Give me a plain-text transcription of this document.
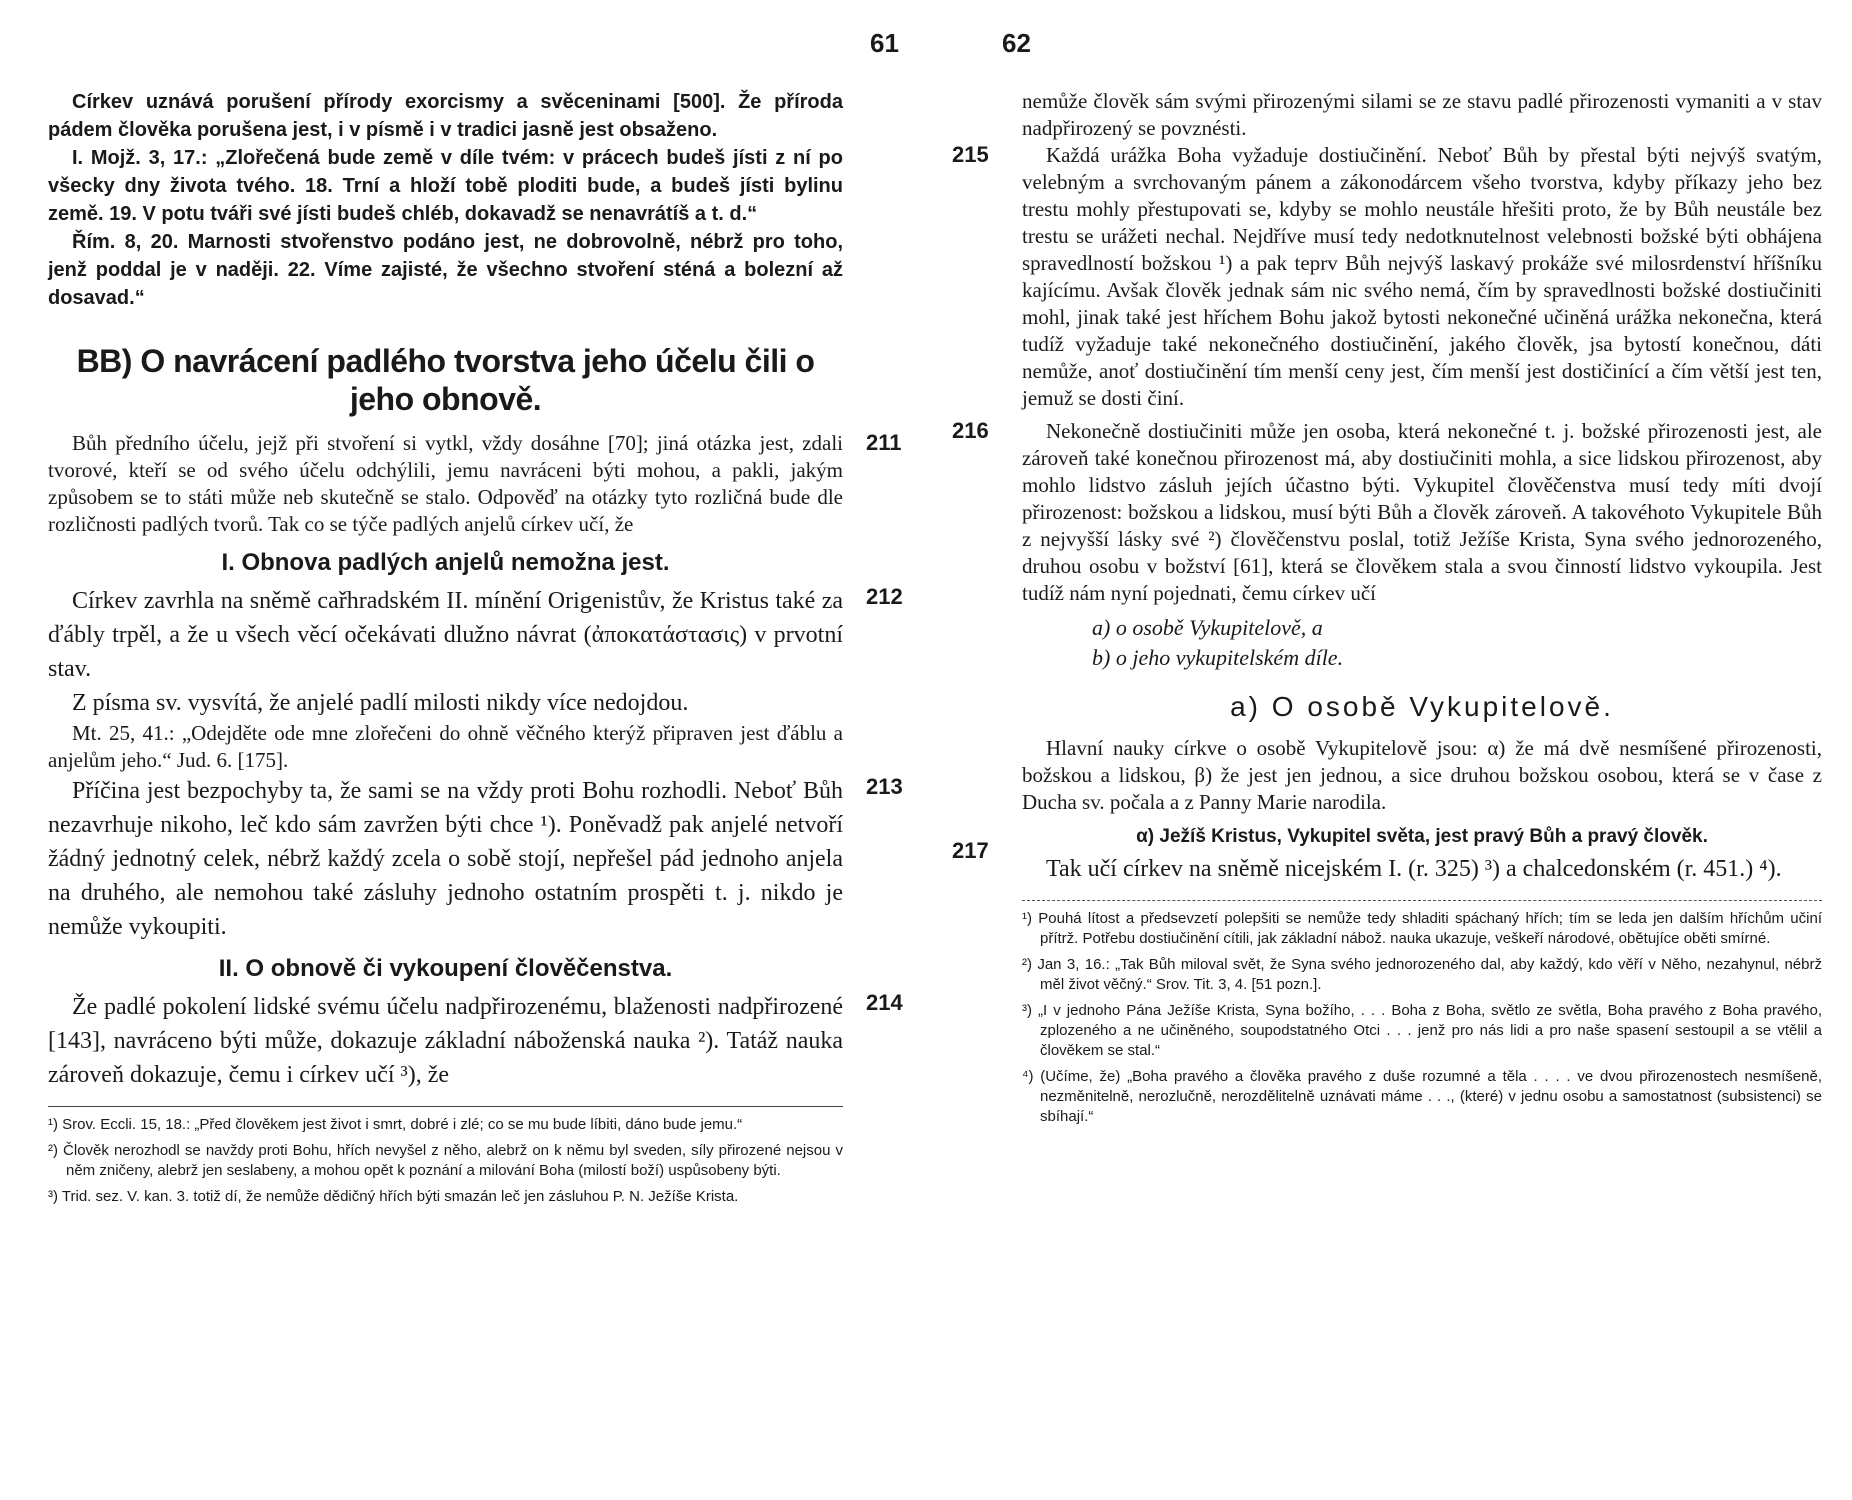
61

Církev uznává porušení přírody exorcismy a svěceninami [500]. Že příroda pádem člověka porušena jest, i v písmě i v tradici jasně jest obsaženo.

I. Mojž. 3, 17.: „Zlořečená bude země v díle tvém: v prácech budeš jísti z ní po všecky dny života tvého. 18. Trní a hloží tobě ploditi bude, a budeš jísti bylinu země. 19. V potu tváři své jísti budeš chléb, dokavadž se nenavrátíš a t. d.“

Řím. 8, 20. Marnosti stvořenstvo podáno jest, ne dobrovolně, nébrž pro toho, jenž poddal je v naději. 22. Víme zajisté, že všechno stvoření sténá a bolezní až dosavad.“

BB) O navrácení padlého tvorstva jeho účelu čili o jeho obnově.
211

Bůh předního účelu, jejž při stvoření si vytkl, vždy dosáhne [70]; jiná otázka jest, zdali tvorové, kteří se od svého účelu odchýlili, jemu navráceni býti mohou, a pakli, jakým způsobem se to státi může neb skutečně se stalo. Odpověď na otázky tyto rozličná bude dle rozličnosti padlých tvorů. Tak co se týče padlých anjelů církev učí, že

I. Obnova padlých anjelů nemožna jest.
212

Církev zavrhla na sněmě cařhradském II. mínění Origenistův, že Kristus také za ďábly trpěl, a že u všech věcí očekávati dlužno návrat (ἀποκατάστασις) v prvotní stav.

Z písma sv. vysvítá, že anjelé padlí milosti nikdy více nedojdou.

Mt. 25, 41.: „Odejděte ode mne zlořečeni do ohně věčného kterýž připraven jest ďáblu a anjelům jeho.“ Jud. 6. [175].

213

Příčina jest bezpochyby ta, že sami se na vždy proti Bohu rozhodli. Neboť Bůh nezavrhuje nikoho, leč kdo sám zavržen býti chce ¹). Poněvadž pak anjelé netvoří žádný jednotný celek, nébrž každý zcela o sobě stojí, nepřešel pád jednoho anjela na druhého, ale nemohou také zásluhy jednoho ostatním prospěti t. j. nikdo je nemůže vykoupiti.

II. O obnově či vykoupení člověčenstva.
214

Že padlé pokolení lidské svému účelu nadpřirozenému, blaženosti nadpřirozené [143], navráceno býti může, dokazuje základní náboženská nauka ²). Tatáž nauka zároveň dokazuje, čemu i církev učí ³), že

¹) Srov. Eccli. 15, 18.: „Před člověkem jest život i smrt, dobré i zlé; co se mu bude líbiti, dáno bude jemu.“

²) Člověk nerozhodl se navždy proti Bohu, hřích nevyšel z něho, alebrž on k němu byl sveden, síly přirozené nejsou v něm zničeny, alebrž jen seslabeny, a mohou opět k poznání a milování Boha (milostí boží) uspůsobeny býti.

³) Trid. sez. V. kan. 3. totiž dí, že nemůže dědičný hřích býti smazán leč jen zásluhou P. N. Ježíše Krista.

62

nemůže člověk sám svými přirozenými silami se ze stavu padlé přirozenosti vymaniti a v stav nadpřirozený se povznésti.

215	Každá urážka Boha vyžaduje dostiučinění. Neboť Bůh by přestal býti nejvýš svatým, velebným a svrchovaným pánem a zákonodárcem všeho tvorstva, kdyby příkazy jeho bez trestu mohly přestupovati se, kdyby se mohlo neustále hřešiti proto, že by Bůh neustále bez trestu se urážeti nechal. Nejdříve musí tedy nedotknutelnost velebnosti božské býti obhájena spravedlností božskou ¹) a pak teprv Bůh nejvýš laskavý prokáže své milosrdenství hříšníku kajícímu. Avšak člověk jednak sám nic svého nemá, čím by spravedlnosti božské dostiučiniti mohl, jinak také jest hříchem Bohu jakož bytosti nekonečné učiněná urážka nekonečna, která tudíž vyžaduje také nekonečného dostiučinění, jakého člověk, jsa bytostí konečnou, dáti nemůže, anoť dostiučinění tím menší ceny jest, čím menší jest dostičinící a čím větší jest ten, jemuž se dosti činí.

216	Nekonečně dostiučiniti může jen osoba, která nekonečné t. j. božské přirozenosti jest, ale zároveň také konečnou přirozenost má, aby dostiučiniti mohla, a sice lidskou přirozenost, aby mohlo lidstvo zásluh jejích účastno býti. Vykupitel člověčenstva musí tedy míti dvojí přirozenost: božskou a lidskou, musí býti Bůh a člověk zároveň. A takovéhoto Vykupitele Bůh z nejvyšší lásky své ²) člověčenstvu poslal, totiž Ježíše Krista, Syna svého jednorozeného, druhou osobu v božství [61], která se člověkem stala a svou činností lidstvo vykoupila. Jest tudíž nám nyní pojednati, čemu církev učí

a) o osobě Vykupitelově, a
b) o jeho vykupitelském díle.
a) O osobě Vykupitelově.

Hlavní nauky církve o osobě Vykupitelově jsou: α) že má dvě nesmíšené přirozenosti, božskou a lidskou, β) že jest jen jednou, a sice druhou božskou osobou, která se v čase z Ducha sv. počala a z Panny Marie narodila.

217
α) Ježíš Kristus, Vykupitel světa, jest pravý Bůh a pravý člověk.

Tak učí církev na sněmě nicejském I. (r. 325) ³) a chalcedonském (r. 451.) ⁴).

¹) Pouhá lítost a předsevzetí polepšiti se nemůže tedy shladiti spáchaný hřích; tím se leda jen dalším hříchům učiní přítrž. Potřebu dostiučinění cítili, jak základní nábož. nauka ukazuje, veškeří národové, obětujíce oběti smírné.

²) Jan 3, 16.: „Tak Bůh miloval svět, že Syna svého jednorozeného dal, aby každý, kdo věří v Něho, nezahynul, nébrž měl život věčný.“ Srov. Tit. 3, 4. [51 pozn.].

³) „I v jednoho Pána Ježíše Krista, Syna božího, . . . Boha z Boha, světlo ze světla, Boha pravého z Boha pravého, zplozeného a ne učiněného, soupodstatného Otci . . . jenž pro nás lidi a pro naše spasení sestoupil a se vtělil a člověkem se stal.“

⁴) (Učíme, že) „Boha pravého a člověka pravého z duše rozumné a těla . . . . ve dvou přirozenostech nesmíšeně, nezměnitelně, nerozlučně, nerozdělitelně uznávati máme . . ., (které) v jednu osobu a samostatnost (subsistenci) se sbíhají.“
